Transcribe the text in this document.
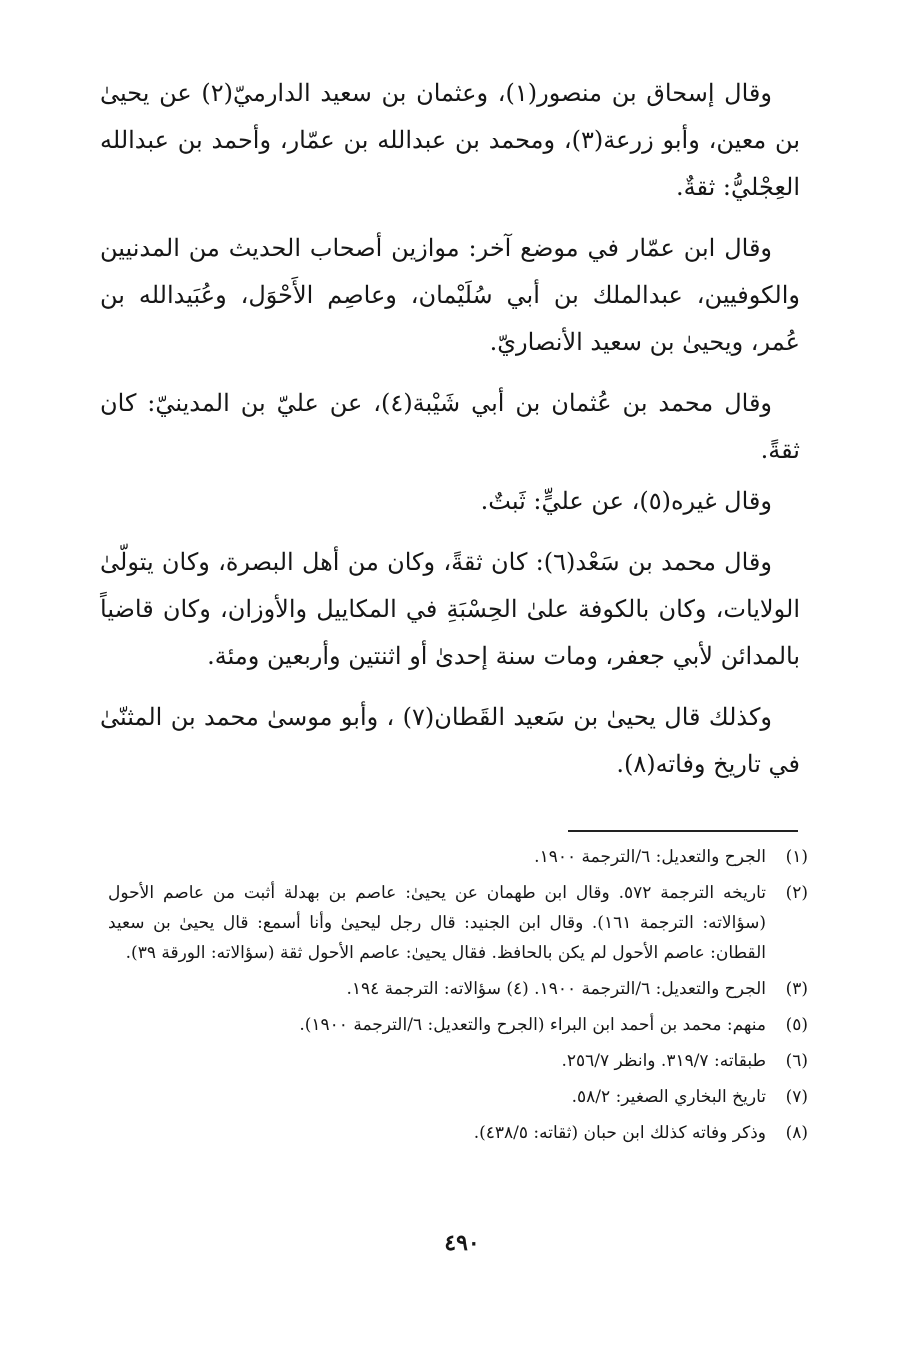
وقال إسحاق بن منصور(١)، وعثمان بن سعيد الدارميّ(٢) عن يحيىٰ بن معين، وأبو زرعة(٣)، ومحمد بن عبدالله بن عمّار، وأحمد بن عبدالله العِجْليُّ: ثقةٌ.

وقال ابن عمّار في موضع آخر: موازين أصحاب الحديث من المدنيين والكوفيين، عبدالملك بن أبي سُلَيْمان، وعاصِم الأَحْوَل، وعُبَيدالله بن عُمر، ويحيىٰ بن سعيد الأنصاريّ.

وقال محمد بن عُثمان بن أبي شَيْبة(٤)، عن عليّ بن المدينيّ: كان ثقةً.

وقال غيره(٥)، عن عليٍّ: ثَبتٌ.

وقال محمد بن سَعْد(٦): كان ثقةً، وكان من أهل البصرة، وكان يتولّىٰ الولايات، وكان بالكوفة علىٰ الحِسْبَةِ في المكاييل والأوزان، وكان قاضياً بالمدائن لأبي جعفر، ومات سنة إحدىٰ أو اثنتين وأربعين ومئة.

وكذلك قال يحيىٰ بن سَعيد القَطان(٧) ، وأبو موسىٰ محمد بن المثنّىٰ في تاريخ وفاته(٨).

(١)
الجرح والتعديل: ٦/الترجمة ١٩٠٠.
(٢)
تاريخه الترجمة ٥٧٢. وقال ابن طهمان عن يحيىٰ: عاصم بن بهدلة أثبت من عاصم الأحول (سؤالاته: الترجمة ١٦١). وقال ابن الجنيد: قال رجل ليحيىٰ وأنا أسمع: قال يحيىٰ بن سعيد القطان: عاصم الأحول لم يكن بالحافظ. فقال يحيىٰ: عاصم الأحول ثقة (سؤالاته: الورقة ٣٩).
(٣)
الجرح والتعديل: ٦/الترجمة ١٩٠٠. (٤) سؤالاته: الترجمة ١٩٤.
(٥)
منهم: محمد بن أحمد ابن البراء (الجرح والتعديل: ٦/الترجمة ١٩٠٠).
(٦)
طبقاته: ٣١٩/٧. وانظر ٢٥٦/٧.
(٧)
تاريخ البخاري الصغير: ٥٨/٢.
(٨)
وذكر وفاته كذلك ابن حبان (ثقاته: ٤٣٨/٥).
٤٩٠
